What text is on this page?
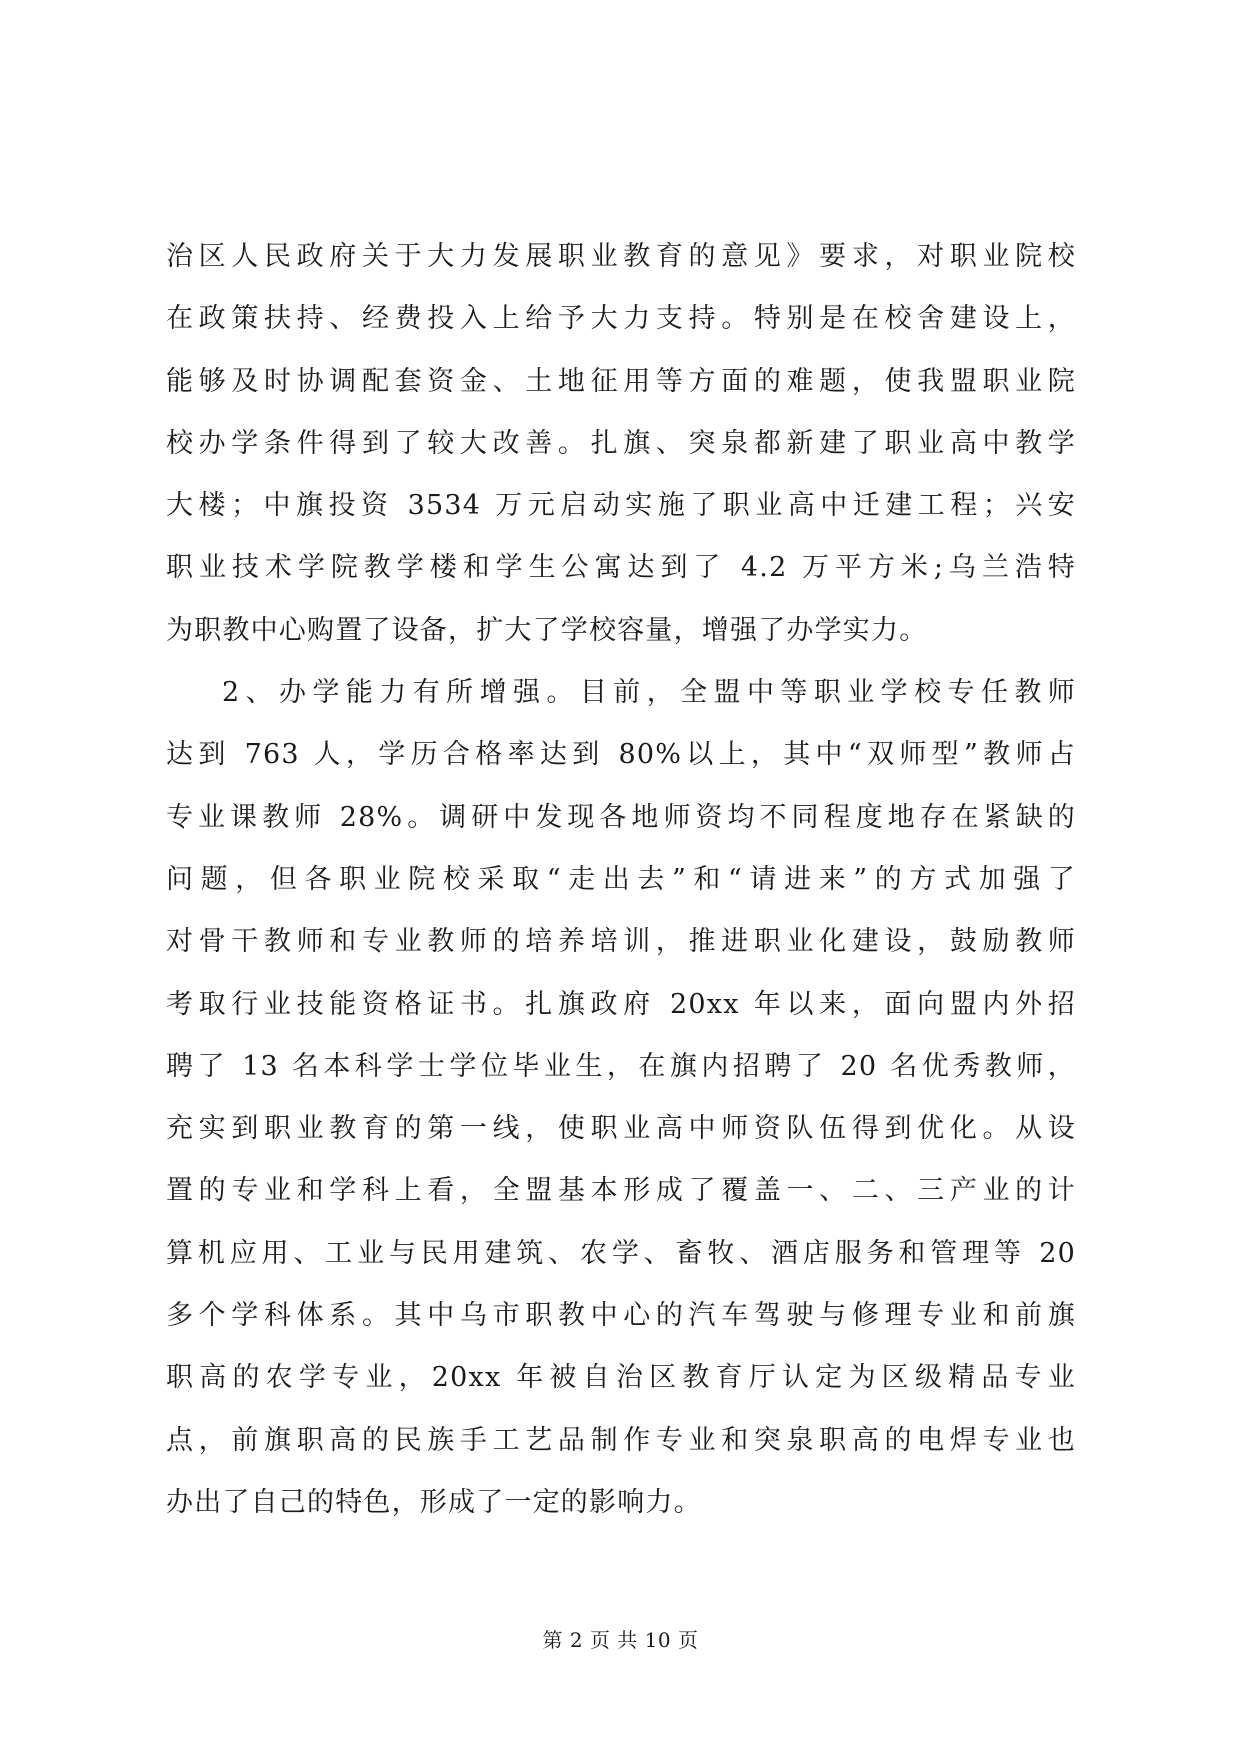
治区人民政府关于大力发展职业教育的意见》要求，对职业院校
在政策扶持、经费投入上给予大力支持。特别是在校舍建设上，
能够及时协调配套资金、土地征用等方面的难题，使我盟职业院
校办学条件得到了较大改善。扎旗、突泉都新建了职业高中教学
大楼；中旗投资 3534 万元启动实施了职业高中迁建工程；兴安
职业技术学院教学楼和学生公寓达到了 4.2 万平方米;乌兰浩特
为职教中心购置了设备，扩大了学校容量，增强了办学实力。
2、办学能力有所增强。目前，全盟中等职业学校专任教师
达到 763 人，学历合格率达到 80%以上，其中“双师型”教师占
专业课教师 28%。调研中发现各地师资均不同程度地存在紧缺的
问题，但各职业院校采取“走出去”和“请进来”的方式加强了
对骨干教师和专业教师的培养培训，推进职业化建设，鼓励教师
考取行业技能资格证书。扎旗政府 20xx 年以来，面向盟内外招
聘了 13 名本科学士学位毕业生，在旗内招聘了 20 名优秀教师，
充实到职业教育的第一线，使职业高中师资队伍得到优化。从设
置的专业和学科上看，全盟基本形成了覆盖一、二、三产业的计
算机应用、工业与民用建筑、农学、畜牧、酒店服务和管理等 20
多个学科体系。其中乌市职教中心的汽车驾驶与修理专业和前旗
职高的农学专业，20xx 年被自治区教育厅认定为区级精品专业
点，前旗职高的民族手工艺品制作专业和突泉职高的电焊专业也
办出了自己的特色，形成了一定的影响力。
第 2 页 共 10 页
